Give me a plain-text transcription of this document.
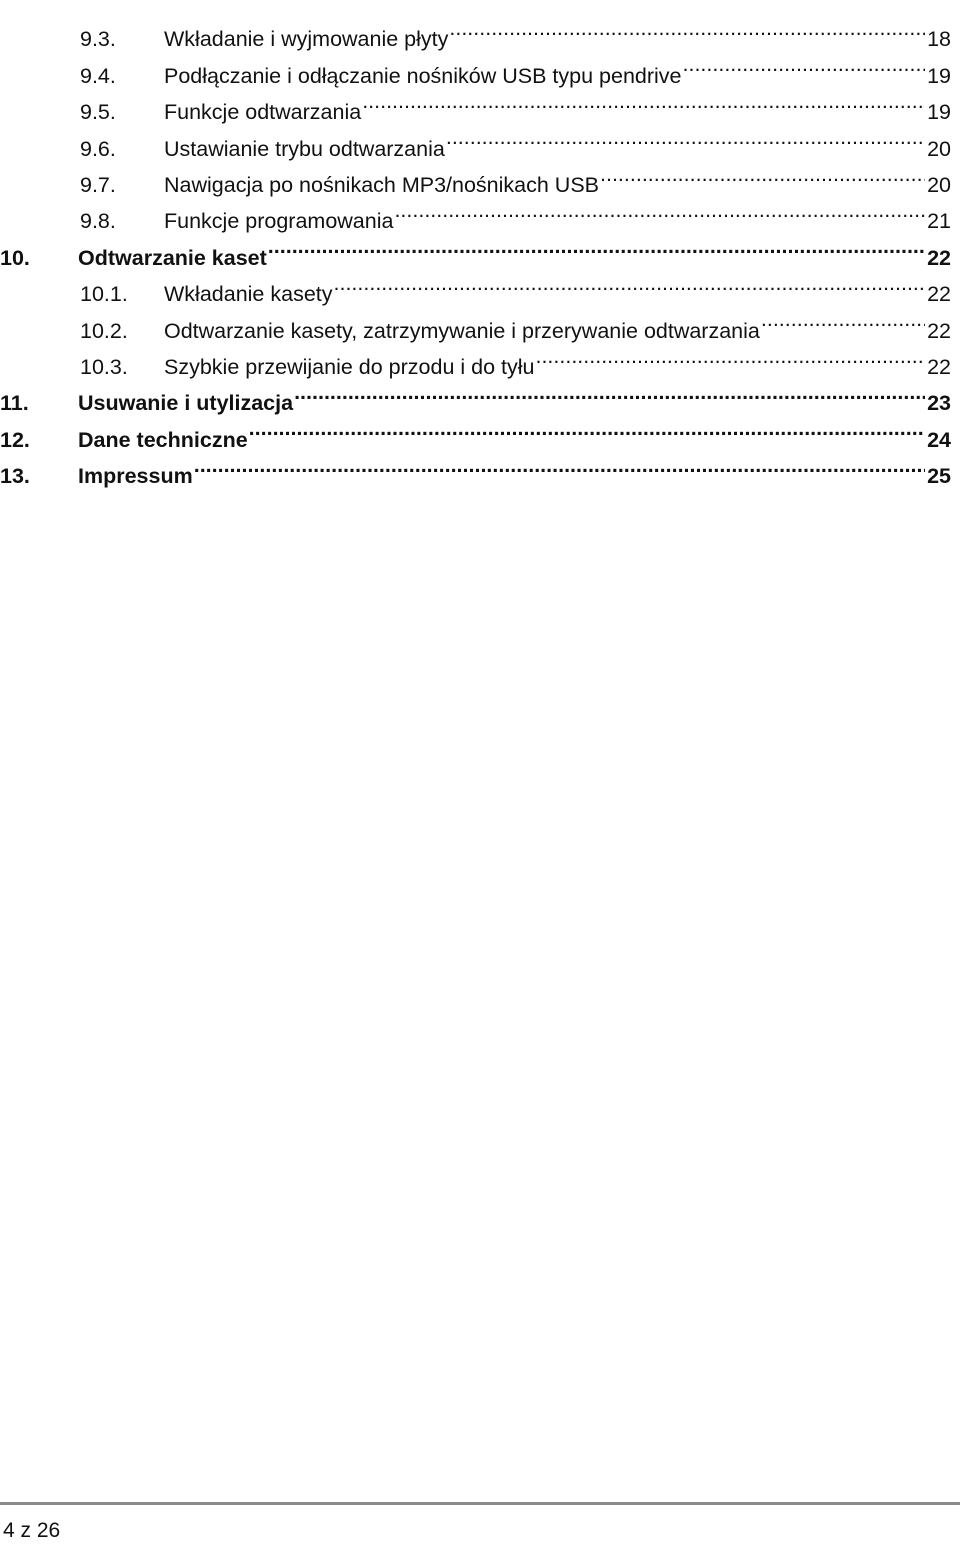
9.3.	Wkładanie i wyjmowanie płyty .....	18
9.4.	Podłączanie i odłączanie nośników USB typu pendrive .....	19
9.5.	Funkcje odtwarzania .....	19
9.6.	Ustawianie trybu odtwarzania .....	20
9.7.	Nawigacja po nośnikach MP3/nośnikach USB .....	20
9.8.	Funkcje programowania .....	21
10.	Odtwarzanie kaset .....	22
10.1.	Wkładanie kasety .....	22
10.2.	Odtwarzanie kasety, zatrzymywanie i przerywanie odtwarzania .....	22
10.3.	Szybkie przewijanie do przodu i do tyłu .....	22
11.	Usuwanie i utylizacja .....	23
12.	Dane techniczne .....	24
13.	Impressum .....	25
4 z 26
